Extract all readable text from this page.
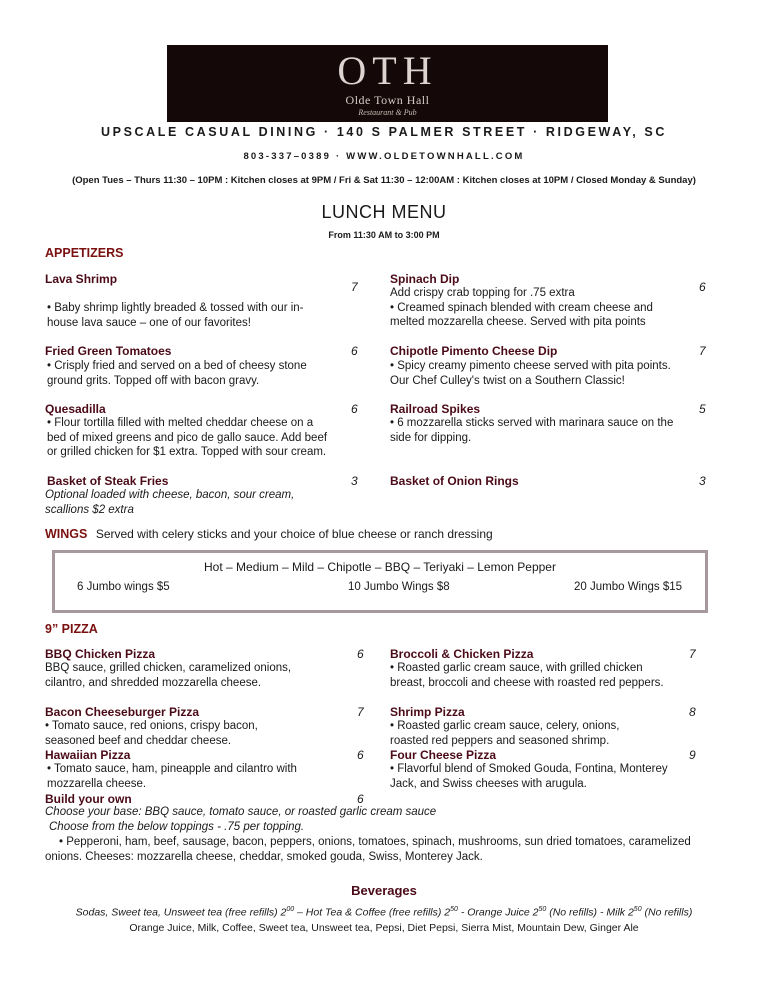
OTH
Olde Town Hall
Restaurant & Pub
UPSCALE CASUAL DINING · 140 S PALMER STREET · RIDGEWAY, SC
803-337–0389 · WWW.OLDETOWNHALL.COM
(Open Tues – Thurs 11:30 – 10PM : Kitchen closes at 9PM / Fri & Sat 11:30 – 12:00AM : Kitchen closes at 10PM / Closed Monday & Sunday)
LUNCH MENU
From 11:30 AM to 3:00 PM
APPETIZERS
Lava Shrimp
7
• Baby shrimp lightly breaded & tossed with our in-house lava sauce – one of our favorites!
Fried Green Tomatoes	6
• Crisply fried and served on a bed of cheesy stone ground grits. Topped off with bacon gravy.
Quesadilla	6
• Flour tortilla filled with melted cheddar cheese on a bed of mixed greens and pico de gallo sauce. Add beef or grilled chicken for $1 extra. Topped with sour cream.
Basket of Steak Fries	3
Optional loaded with cheese, bacon, sour cream, scallions $2 extra
Spinach Dip
6
Add crispy crab topping for .75 extra
• Creamed spinach blended with cream cheese and melted mozzarella cheese. Served with pita points
Chipotle Pimento Cheese Dip	7
• Spicy creamy pimento cheese served with pita points. Our Chef Culley's twist on a Southern Classic!
Railroad Spikes	5
• 6 mozzarella sticks served with marinara sauce on the side for dipping.
Basket of Onion Rings	3
WINGS Served with celery sticks and your choice of blue cheese or ranch dressing
Hot – Medium – Mild – Chipotle – BBQ – Teriyaki – Lemon Pepper
6 Jumbo wings $5	10 Jumbo Wings $8	20 Jumbo Wings $15
9” PIZZA
BBQ Chicken Pizza	6
BBQ sauce, grilled chicken, caramelized onions, cilantro, and shredded mozzarella cheese.
Bacon Cheeseburger Pizza	7
• Tomato sauce, red onions, crispy bacon, seasoned beef and cheddar cheese.
Hawaiian Pizza	6
• Tomato sauce, ham, pineapple and cilantro with mozzarella cheese.
Build your own	6
Broccoli & Chicken Pizza	7
• Roasted garlic cream sauce, with grilled chicken breast, broccoli and cheese with roasted red peppers.
Shrimp Pizza	8
• Roasted garlic cream sauce, celery, onions, roasted red peppers and seasoned shrimp.
Four Cheese Pizza	9
• Flavorful blend of Smoked Gouda, Fontina, Monterey Jack, and Swiss cheeses with arugula.
Choose your base: BBQ sauce, tomato sauce, or roasted garlic cream sauce
Choose from the below toppings - .75 per topping.
• Pepperoni, ham, beef, sausage, bacon, peppers, onions, tomatoes, spinach, mushrooms, sun dried tomatoes, caramelized onions. Cheeses: mozzarella cheese, cheddar, smoked gouda, Swiss, Monterey Jack.
Beverages
Sodas, Sweet tea, Unsweet tea (free refills) $2^{00}$ – Hot Tea & Coffee (free refills) $2^{50}$ - Orange Juice $2^{50}$ (No refills) - Milk $2^{50}$ (No refills)
Orange Juice, Milk, Coffee, Sweet tea, Unsweet tea, Pepsi, Diet Pepsi, Sierra Mist, Mountain Dew, Ginger Ale
